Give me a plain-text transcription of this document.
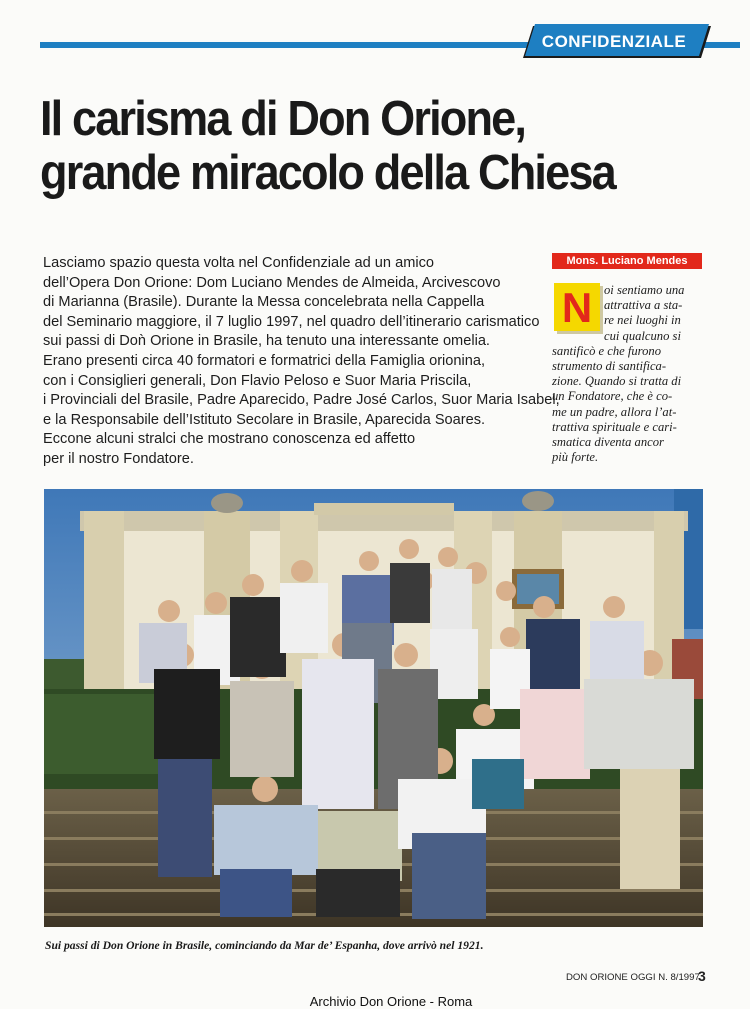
CONFIDENZIALE
Il carisma di Don Orione,
grande miracolo della Chiesa
Lasciamo spazio questa volta nel Confidenziale ad un amico
dell’Opera Don Orione: Dom Luciano Mendes de Almeida, Arcivescovo
di Marianna (Brasile). Durante la Messa concelebrata nella Cappella
del Seminario maggiore, il 7 luglio 1997, nel quadro dell’itinerario carismatico
sui passi di Doǹ Orione in Brasile, ha tenuto una interessante omelia.
Erano presenti circa 40 formatori e formatrici della Famiglia orionina,
con i Consiglieri generali, Don Flavio Peloso e Suor Maria Priscila,
i Provinciali del Brasile, Padre Aparecido, Padre José Carlos, Suor Maria Isabel,
e la Responsabile dell’Istituto Secolare in Brasile, Aparecida Soares.
Eccone alcuni stralci che mostrano conoscenza ed affetto
per il nostro Fondatore.
Mons. Luciano Mendes
N oi sentiamo una
attrattiva a sta-
re nei luoghi in
cui qualcuno si
santificò e che furono
strumento di santifica-
zione. Quando si tratta di
un Fondatore, che è co-
me un padre, allora l’at-
trattiva spirituale e cari-
smatica diventa ancor
più forte.
Sui passi di Don Orione in Brasile, cominciando da Mar de’ Espanha, dove arrivò nel 1921.
DON ORIONE OGGI N. 8/1997
3
Archivio Don Orione - Roma
